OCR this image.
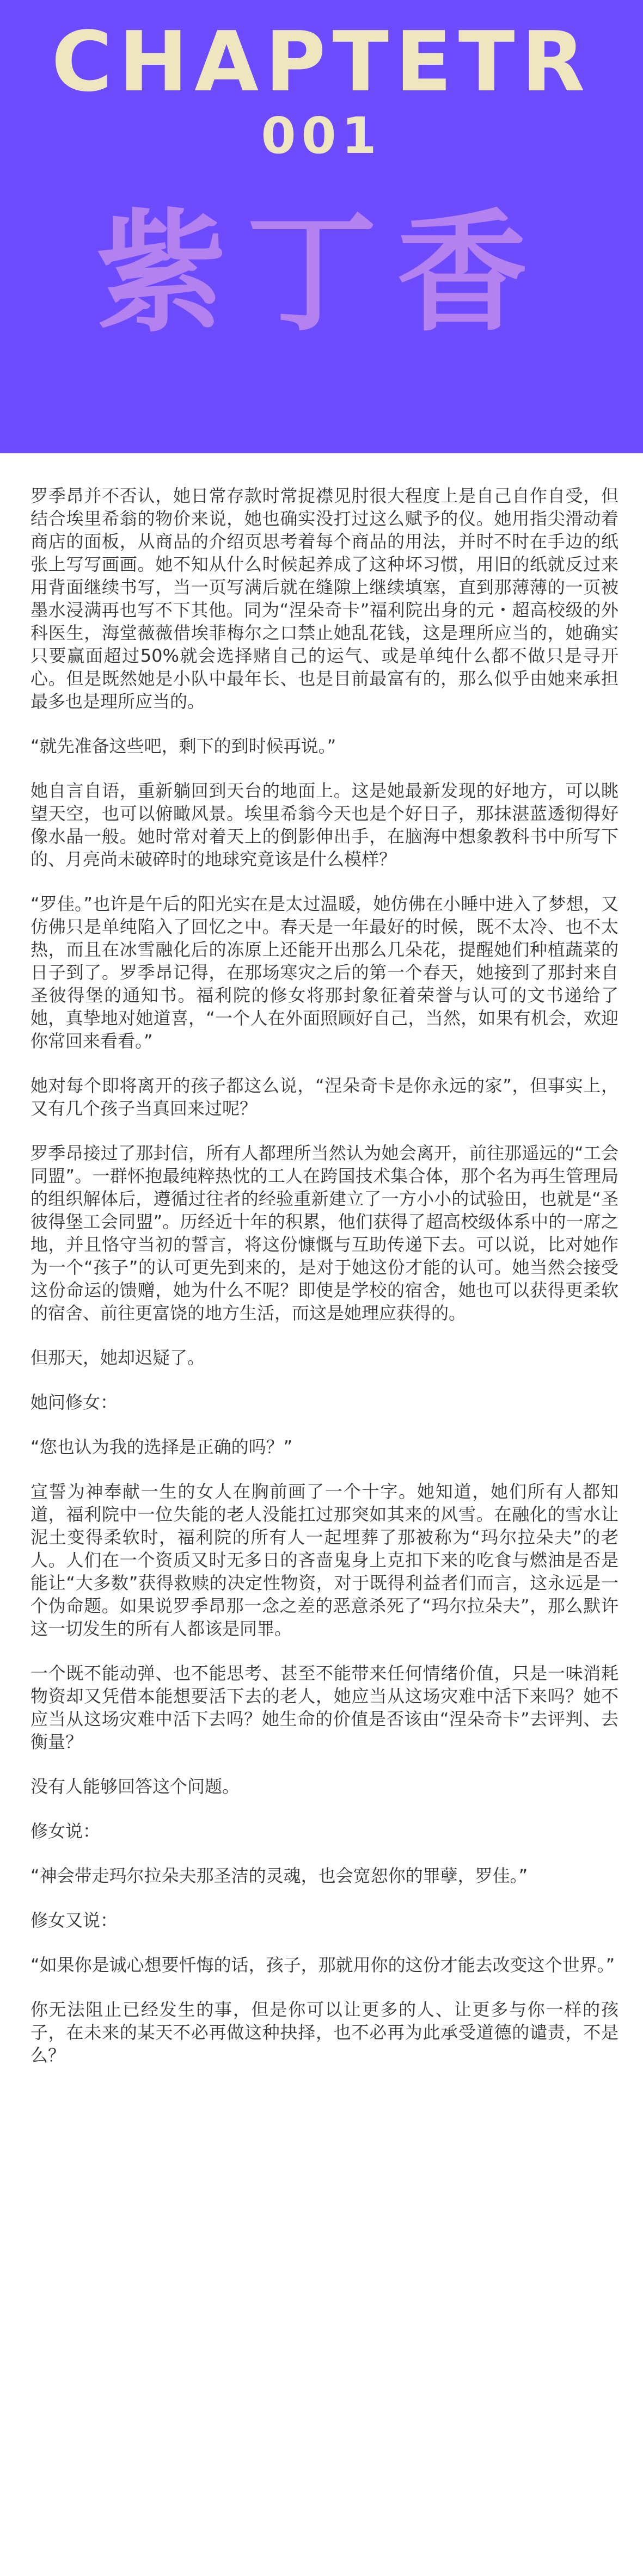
CHAPTETR
001
紫丁香

罗季昂并不否认，她日常存款时常捉襟见肘很大程度上是自己自作自受，但结合埃里希翁的物价来说，她也确实没打过这么赋予的仪。她用指尖滑动着商店的面板，从商品的介绍页思考着每个商品的用法，并时不时在手边的纸张上写写画画。她不知从什么时候起养成了这种坏习惯，用旧的纸就反过来用背面继续书写，当一页写满后就在缝隙上继续填塞，直到那薄薄的一页被墨水浸满再也写不下其他。同为“涅朵奇卡”福利院出身的元・超高校级的外科医生，海堂薇薇借埃菲梅尔之口禁止她乱花钱，这是理所应当的，她确实只要赢面超过50%就会选择赌自己的运气、或是单纯什么都不做只是寻开心。但是既然她是小队中最年长、也是目前最富有的，那么似乎由她来承担最多也是理所应当的。

“就先准备这些吧，剩下的到时候再说。”

她自言自语，重新躺回到天台的地面上。这是她最新发现的好地方，可以眺望天空，也可以俯瞰风景。埃里希翁今天也是个好日子，那抹湛蓝透彻得好像水晶一般。她时常对着天上的倒影伸出手，在脑海中想象教科书中所写下的、月亮尚未破碎时的地球究竟该是什么模样？

“罗佳。”也许是午后的阳光实在是太过温暖，她仿佛在小睡中进入了梦想，又仿佛只是单纯陷入了回忆之中。春天是一年最好的时候，既不太冷、也不太热，而且在冰雪融化后的冻原上还能开出那么几朵花，提醒她们种植蔬菜的日子到了。罗季昂记得，在那场寒灾之后的第一个春天，她接到了那封来自圣彼得堡的通知书。福利院的修女将那封象征着荣誉与认可的文书递给了她，真挚地对她道喜，“一个人在外面照顾好自己，当然，如果有机会，欢迎你常回来看看。”

她对每个即将离开的孩子都这么说，“涅朵奇卡是你永远的家”，但事实上，又有几个孩子当真回来过呢？

罗季昂接过了那封信，所有人都理所当然认为她会离开，前往那遥远的“工会同盟”。一群怀抱最纯粹热忱的工人在跨国技术集合体，那个名为再生管理局的组织解体后，遵循过往者的经验重新建立了一方小小的试验田，也就是“圣彼得堡工会同盟”。历经近十年的积累，他们获得了超高校级体系中的一席之地，并且恪守当初的誓言，将这份慷慨与互助传递下去。可以说，比对她作为一个“孩子”的认可更先到来的，是对于她这份才能的认可。她当然会接受这份命运的馈赠，她为什么不呢？即使是学校的宿舍，她也可以获得更柔软的宿舍、前往更富饶的地方生活，而这是她理应获得的。

但那天，她却迟疑了。

她问修女：

“您也认为我的选择是正确的吗？”

宣誓为神奉献一生的女人在胸前画了一个十字。她知道，她们所有人都知道，福利院中一位失能的老人没能扛过那突如其来的风雪。在融化的雪水让泥土变得柔软时，福利院的所有人一起埋葬了那被称为“玛尔拉朵夫”的老人。人们在一个资质又时无多日的吝啬鬼身上克扣下来的吃食与燃油是否是能让“大多数”获得救赎的决定性物资，对于既得利益者们而言，这永远是一个伪命题。如果说罗季昂那一念之差的恶意杀死了“玛尔拉朵夫”，那么默许这一切发生的所有人都该是同罪。

一个既不能动弹、也不能思考、甚至不能带来任何情绪价值，只是一味消耗物资却又凭借本能想要活下去的老人，她应当从这场灾难中活下来吗？她不应当从这场灾难中活下去吗？她生命的价值是否该由“涅朵奇卡”去评判、去衡量？

没有人能够回答这个问题。

修女说：

“神会带走玛尔拉朵夫那圣洁的灵魂，也会宽恕你的罪孽，罗佳。”

修女又说：

“如果你是诚心想要忏悔的话，孩子，那就用你的这份才能去改变这个世界。”

你无法阻止已经发生的事，但是你可以让更多的人、让更多与你一样的孩子，在未来的某天不必再做这种抉择，也不必再为此承受道德的谴责，不是么？
